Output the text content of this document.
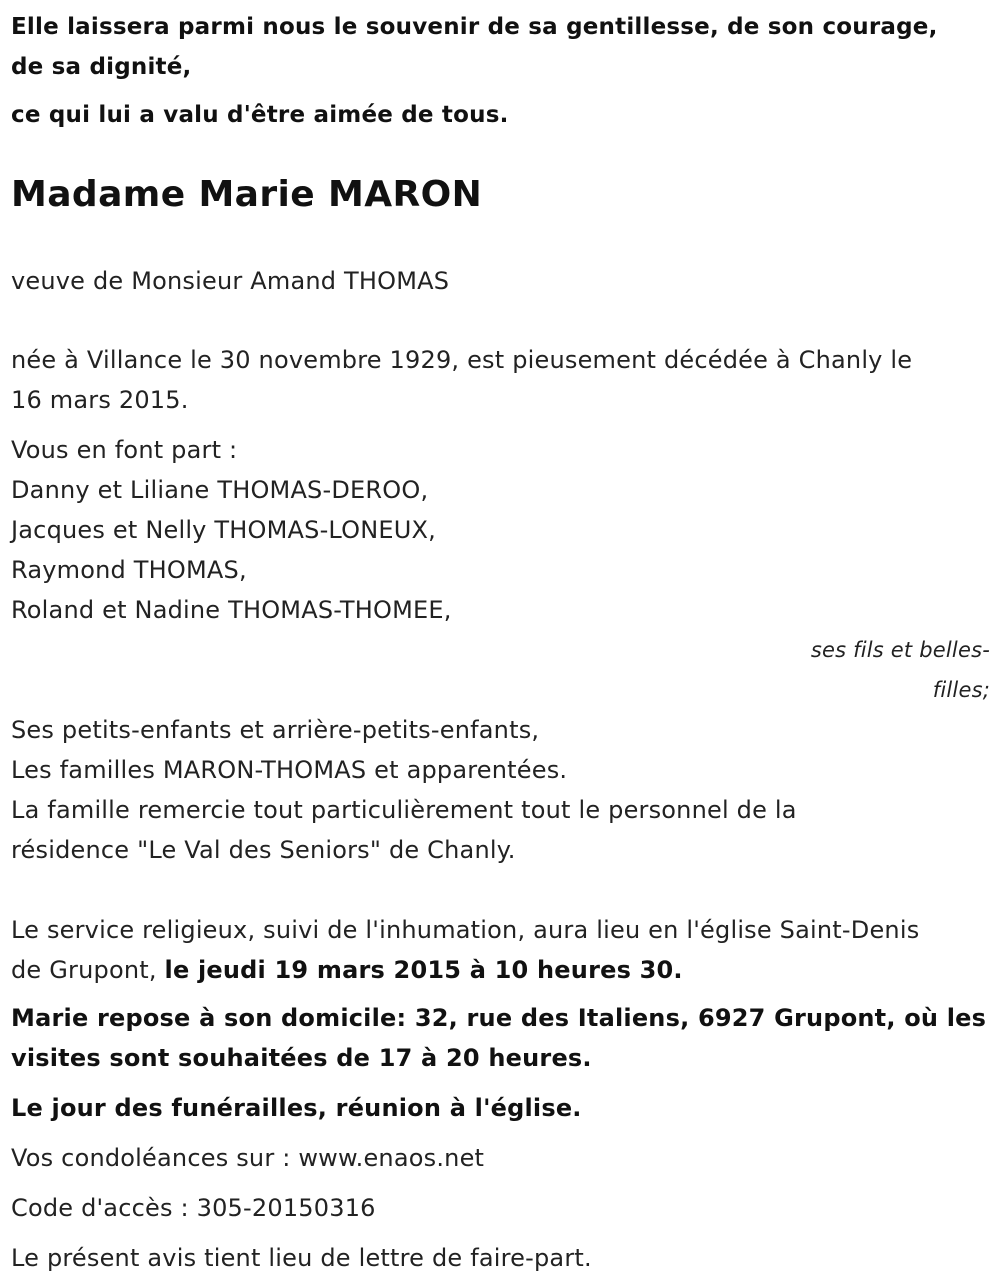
Elle laissera parmi nous le souvenir de sa gentillesse, de son courage,
de sa dignité,
ce qui lui a valu d'être aimée de tous.
Madame Marie MARON
veuve de Monsieur Amand THOMAS
née à Villance le 30 novembre 1929, est pieusement décédée à Chanly le
16 mars 2015.
Vous en font part :
Danny et Liliane THOMAS-DEROO,
Jacques et Nelly THOMAS-LONEUX,
Raymond THOMAS,
Roland et Nadine THOMAS-THOMEE,
ses fils et belles-
filles;
Ses petits-enfants et arrière-petits-enfants,
Les familles MARON-THOMAS et apparentées.
La famille remercie tout particulièrement tout le personnel de la
résidence "Le Val des Seniors" de Chanly.
Le service religieux, suivi de l'inhumation, aura lieu en l'église Saint-Denis
de Grupont, le jeudi 19 mars 2015 à 10 heures 30.
Marie repose à son domicile: 32, rue des Italiens, 6927 Grupont, où les
visites sont souhaitées de 17 à 20 heures.
Le jour des funérailles, réunion à l'église.
Vos condoléances sur : www.enaos.net
Code d'accès : 305-20150316
Le présent avis tient lieu de lettre de faire-part.
